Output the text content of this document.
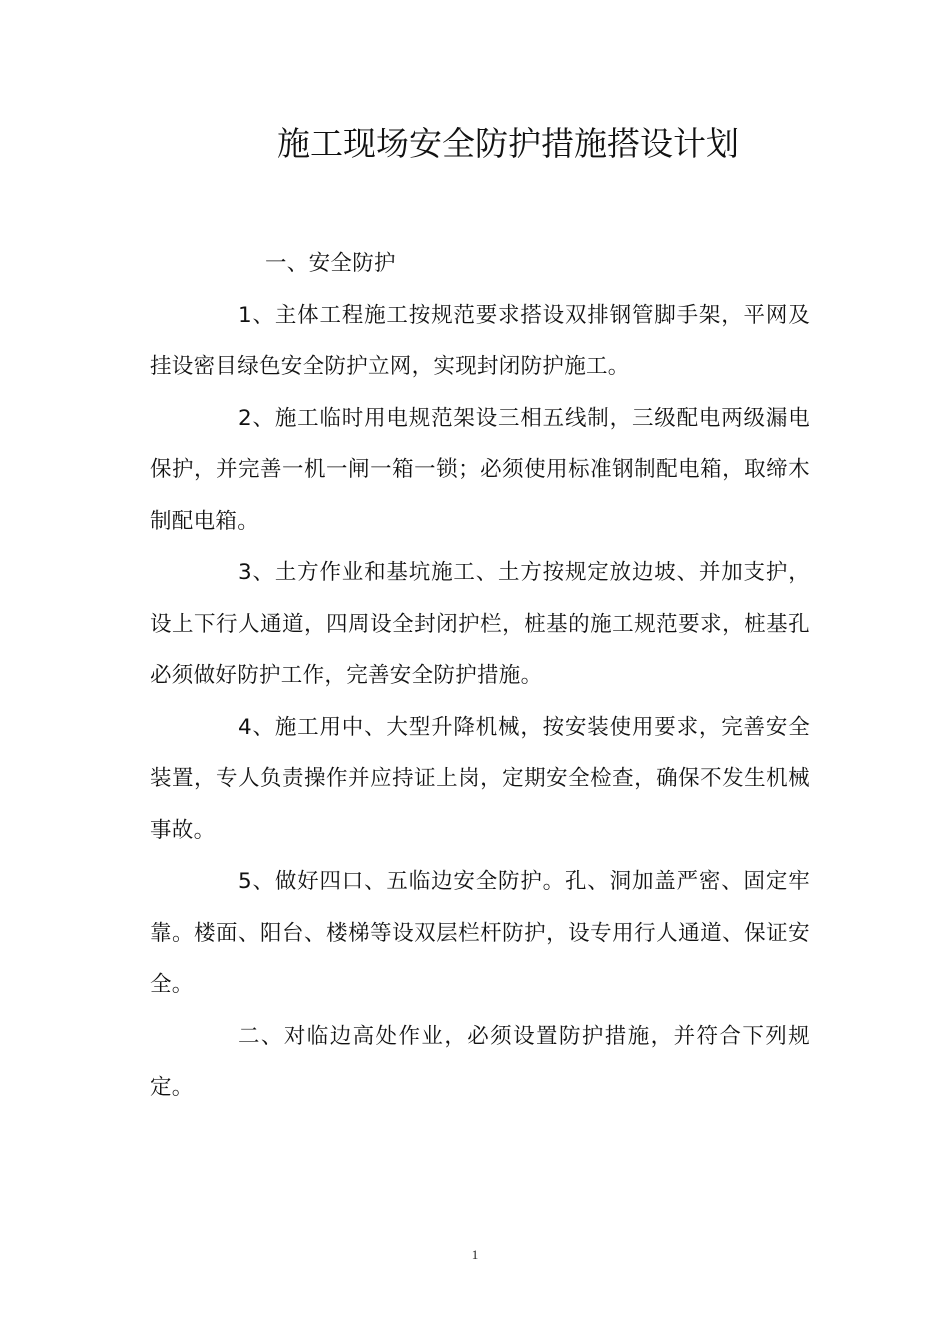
施工现场安全防护措施搭设计划

一、安全防护

1、主体工程施工按规范要求搭设双排钢管脚手架，平网及挂设密目绿色安全防护立网，实现封闭防护施工。

2、施工临时用电规范架设三相五线制，三级配电两级漏电保护，并完善一机一闸一箱一锁；必须使用标准钢制配电箱，取缔木制配电箱。

3、土方作业和基坑施工、土方按规定放边坡、并加支护，设上下行人通道，四周设全封闭护栏，桩基的施工规范要求，桩基孔必须做好防护工作，完善安全防护措施。

4、施工用中、大型升降机械，按安装使用要求，完善安全装置，专人负责操作并应持证上岗，定期安全检查，确保不发生机械事故。

5、做好四口、五临边安全防护。孔、洞加盖严密、固定牢靠。楼面、阳台、楼梯等设双层栏杆防护，设专用行人通道、保证安全。

二、对临边高处作业，必须设置防护措施，并符合下列规定。

1
